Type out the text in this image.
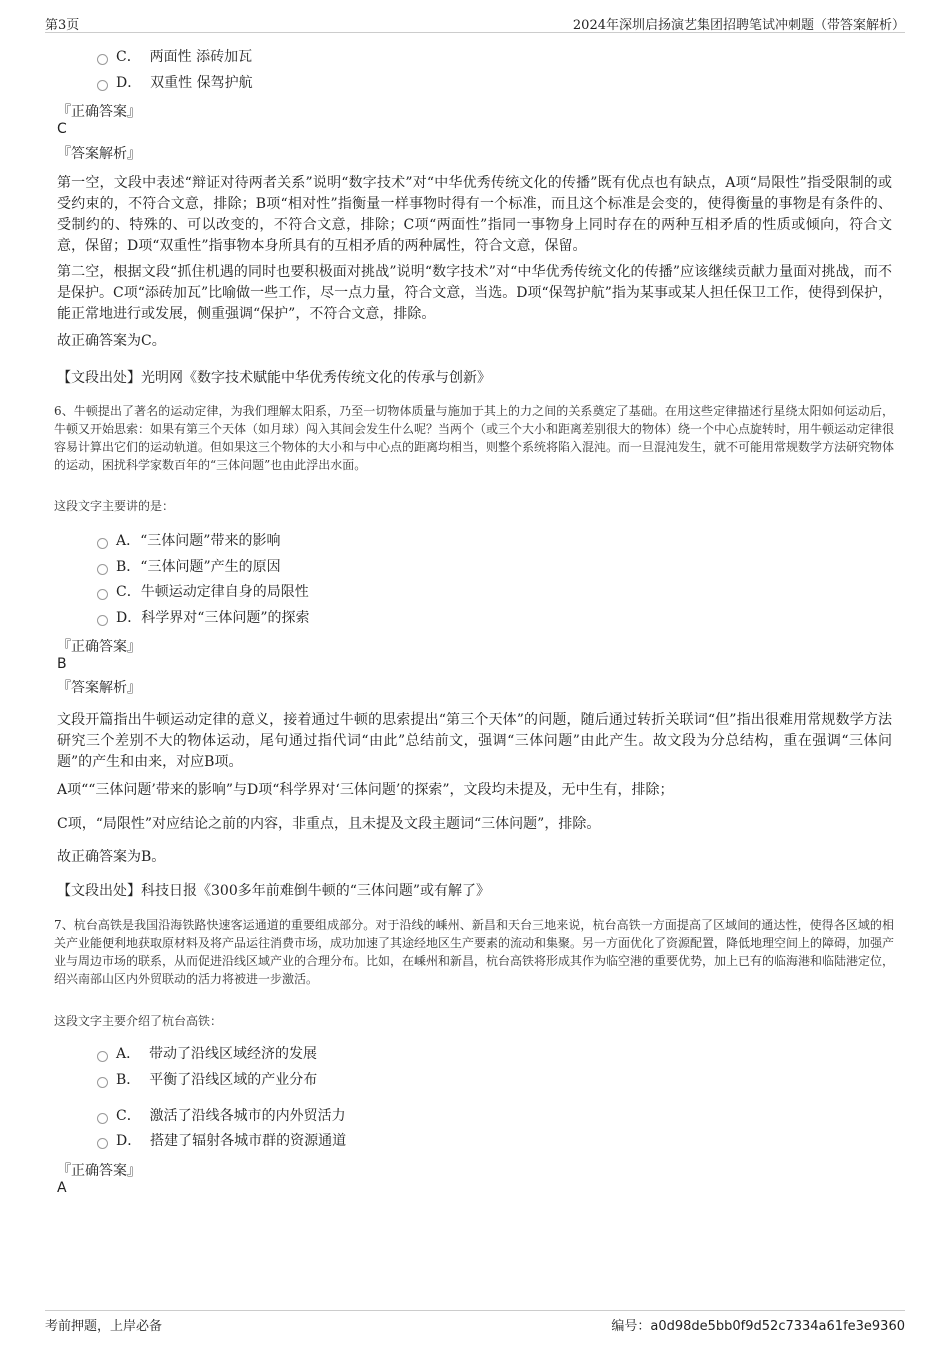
第3页	2024年深圳启扬演艺集团招聘笔试冲刺题（带答案解析）
C． 两面性 添砖加瓦
D． 双重性 保驾护航
『正确答案』
C
『答案解析』
第一空，文段中表述“辩证对待两者关系”说明“数字技术”对“中华优秀传统文化的传播”既有优点也有缺点，A项“局限性”指受限制的或受约束的，不符合文意，排除；B项“相对性”指衡量一样事物时得有一个标准，而且这个标准是会变的，使得衡量的事物是有条件的、受制约的、特殊的、可以改变的，不符合文意，排除；C项“两面性”指同一事物身上同时存在的两种互相矛盾的性质或倾向，符合文意，保留；D项“双重性”指事物本身所具有的互相矛盾的两种属性，符合文意，保留。
第二空，根据文段“抓住机遇的同时也要积极面对挑战”说明“数字技术”对“中华优秀传统文化的传播”应该继续贡献力量面对挑战，而不是保护。C项“添砖加瓦”比喻做一些工作，尽一点力量，符合文意，当选。D项“保驾护航”指为某事或某人担任保卫工作，使得到保护，能正常地进行或发展，侧重强调“保护”，不符合文意，排除。
故正确答案为C。
【文段出处】光明网《数字技术赋能中华优秀传统文化的传承与创新》
6、牛顿提出了著名的运动定律，为我们理解太阳系，乃至一切物体质量与施加于其上的力之间的关系奠定了基础。在用这些定律描述行星绕太阳如何运动后，牛顿又开始思索：如果有第三个天体（如月球）闯入其间会发生什么呢？当两个（或三个大小和距离差别很大的物体）绕一个中心点旋转时，用牛顿运动定律很容易计算出它们的运动轨道。但如果这三个物体的大小和与中心点的距离均相当，则整个系统将陷入混沌。而一旦混沌发生，就不可能用常规数学方法研究物体的运动，困扰科学家数百年的“三体问题”也由此浮出水面。
这段文字主要讲的是：
A．“三体问题”带来的影响
B．“三体问题”产生的原因
C．牛顿运动定律自身的局限性
D．科学界对“三体问题”的探索
『正确答案』
B
『答案解析』
文段开篇指出牛顿运动定律的意义，接着通过牛顿的思索提出“第三个天体”的问题，随后通过转折关联词“但”指出很难用常规数学方法研究三个差别不大的物体运动，尾句通过指代词“由此”总结前文，强调“三体问题”由此产生。故文段为分总结构，重在强调“三体问题”的产生和由来，对应B项。
A项““三体问题’带来的影响”与D项“科学界对‘三体问题’的探索”，文段均未提及，无中生有，排除；
C项，“局限性”对应结论之前的内容，非重点，且未提及文段主题词“三体问题”，排除。
故正确答案为B。
【文段出处】科技日报《300多年前难倒牛顿的“三体问题”或有解了》
7、杭台高铁是我国沿海铁路快速客运通道的重要组成部分。对于沿线的嵊州、新昌和天台三地来说，杭台高铁一方面提高了区域间的通达性，使得各区域的相关产业能便利地获取原材料及将产品运往消费市场，成功加速了其途经地区生产要素的流动和集聚。另一方面优化了资源配置，降低地理空间上的障碍，加强产业与周边市场的联系，从而促进沿线区域产业的合理分布。比如，在嵊州和新昌，杭台高铁将形成其作为临空港的重要优势，加上已有的临海港和临陆港定位，绍兴南部山区内外贸联动的活力将被进一步激活。
这段文字主要介绍了杭台高铁：
A． 带动了沿线区域经济的发展
B． 平衡了沿线区域的产业分布
C． 激活了沿线各城市的内外贸活力
D． 搭建了辐射各城市群的资源通道
『正确答案』
A
考前押题，上岸必备	编号：a0d98de5bb0f9d52c7334a61fe3e9360
